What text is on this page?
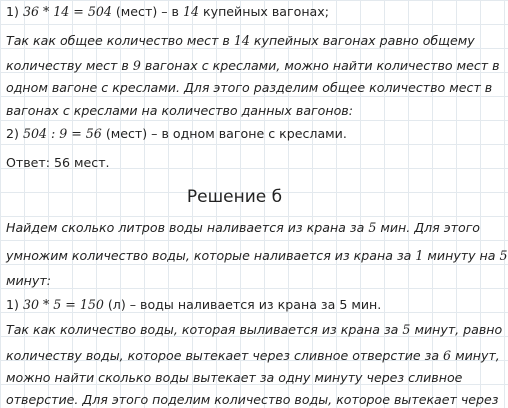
1) 36 * 14 = 504 (мест) – в 14 купейных вагонах;
Так как общее количество мест в 14 купейных вагонах равно общему
количеству мест в 9 вагонах с креслами, можно найти количество мест в
одном вагоне с креслами. Для этого разделим общее количество мест в
вагонах с креслами на количество данных вагонов:
2) 504 : 9 = 56 (мест) – в одном вагоне с креслами.
Ответ: 56 мест.
Решение б
Найдем сколько литров воды наливается из крана за 5 мин. Для этого
умножим количество воды, которые наливается из крана за 1 минуту на 5
минут:
1) 30 * 5 = 150 (л) – воды наливается из крана за 5 мин.
Так как количество воды, которая выливается из крана за 5 минут, равно
количеству воды, которое вытекает через сливное отверстие за 6 минут,
можно найти сколько воды вытекает за одну минуту через сливное
отверстие. Для этого поделим количество воды, которое вытекает через
